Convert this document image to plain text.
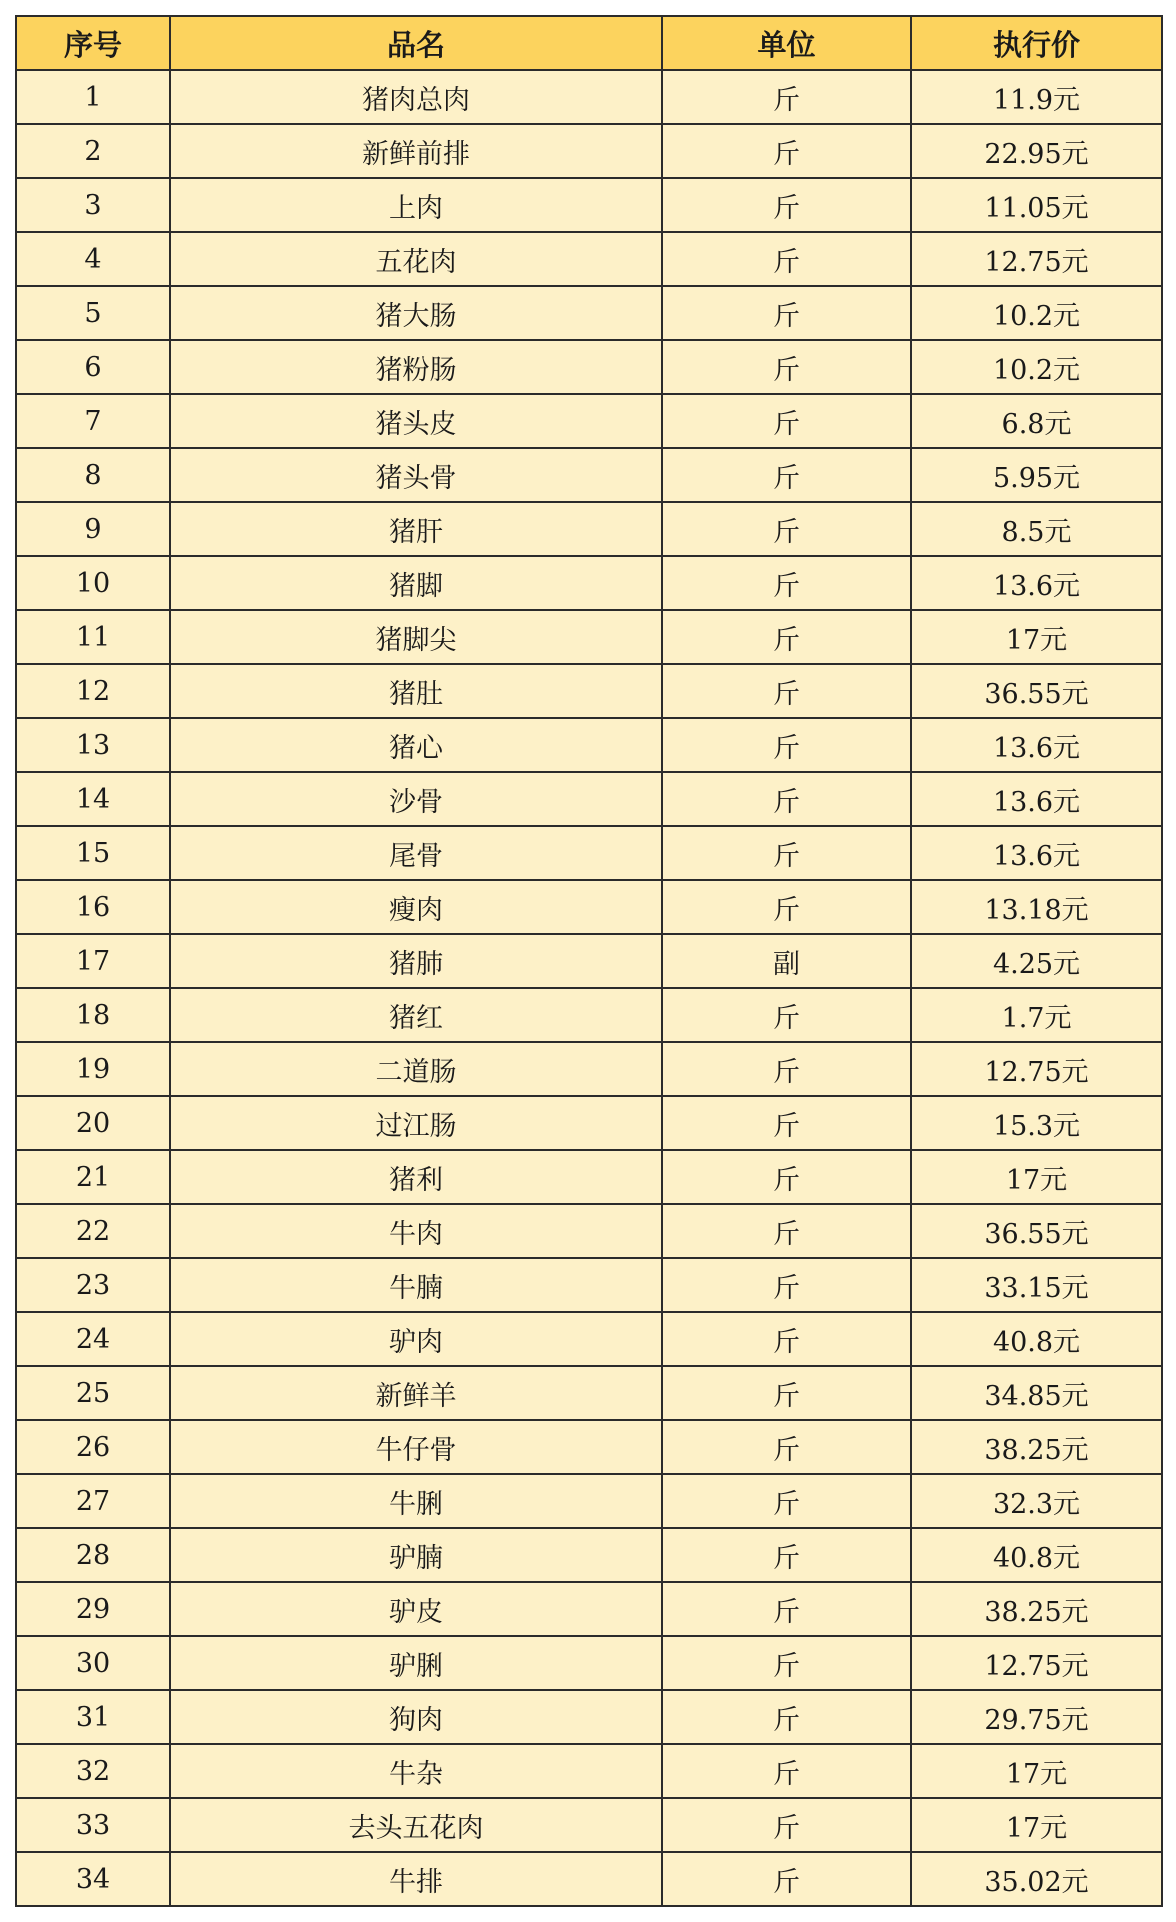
序号	品名	单位	执行价
1	猪肉总肉	斤	11.9元
2	新鲜前排	斤	22.95元
3	上肉	斤	11.05元
4	五花肉	斤	12.75元
5	猪大肠	斤	10.2元
6	猪粉肠	斤	10.2元
7	猪头皮	斤	6.8元
8	猪头骨	斤	5.95元
9	猪肝	斤	8.5元
10	猪脚	斤	13.6元
11	猪脚尖	斤	17元
12	猪肚	斤	36.55元
13	猪心	斤	13.6元
14	沙骨	斤	13.6元
15	尾骨	斤	13.6元
16	瘦肉	斤	13.18元
17	猪肺	副	4.25元
18	猪红	斤	1.7元
19	二道肠	斤	12.75元
20	过江肠	斤	15.3元
21	猪利	斤	17元
22	牛肉	斤	36.55元
23	牛腩	斤	33.15元
24	驴肉	斤	40.8元
25	新鲜羊	斤	34.85元
26	牛仔骨	斤	38.25元
27	牛脷	斤	32.3元
28	驴腩	斤	40.8元
29	驴皮	斤	38.25元
30	驴脷	斤	12.75元
31	狗肉	斤	29.75元
32	牛杂	斤	17元
33	去头五花肉	斤	17元
34	牛排	斤	35.02元
